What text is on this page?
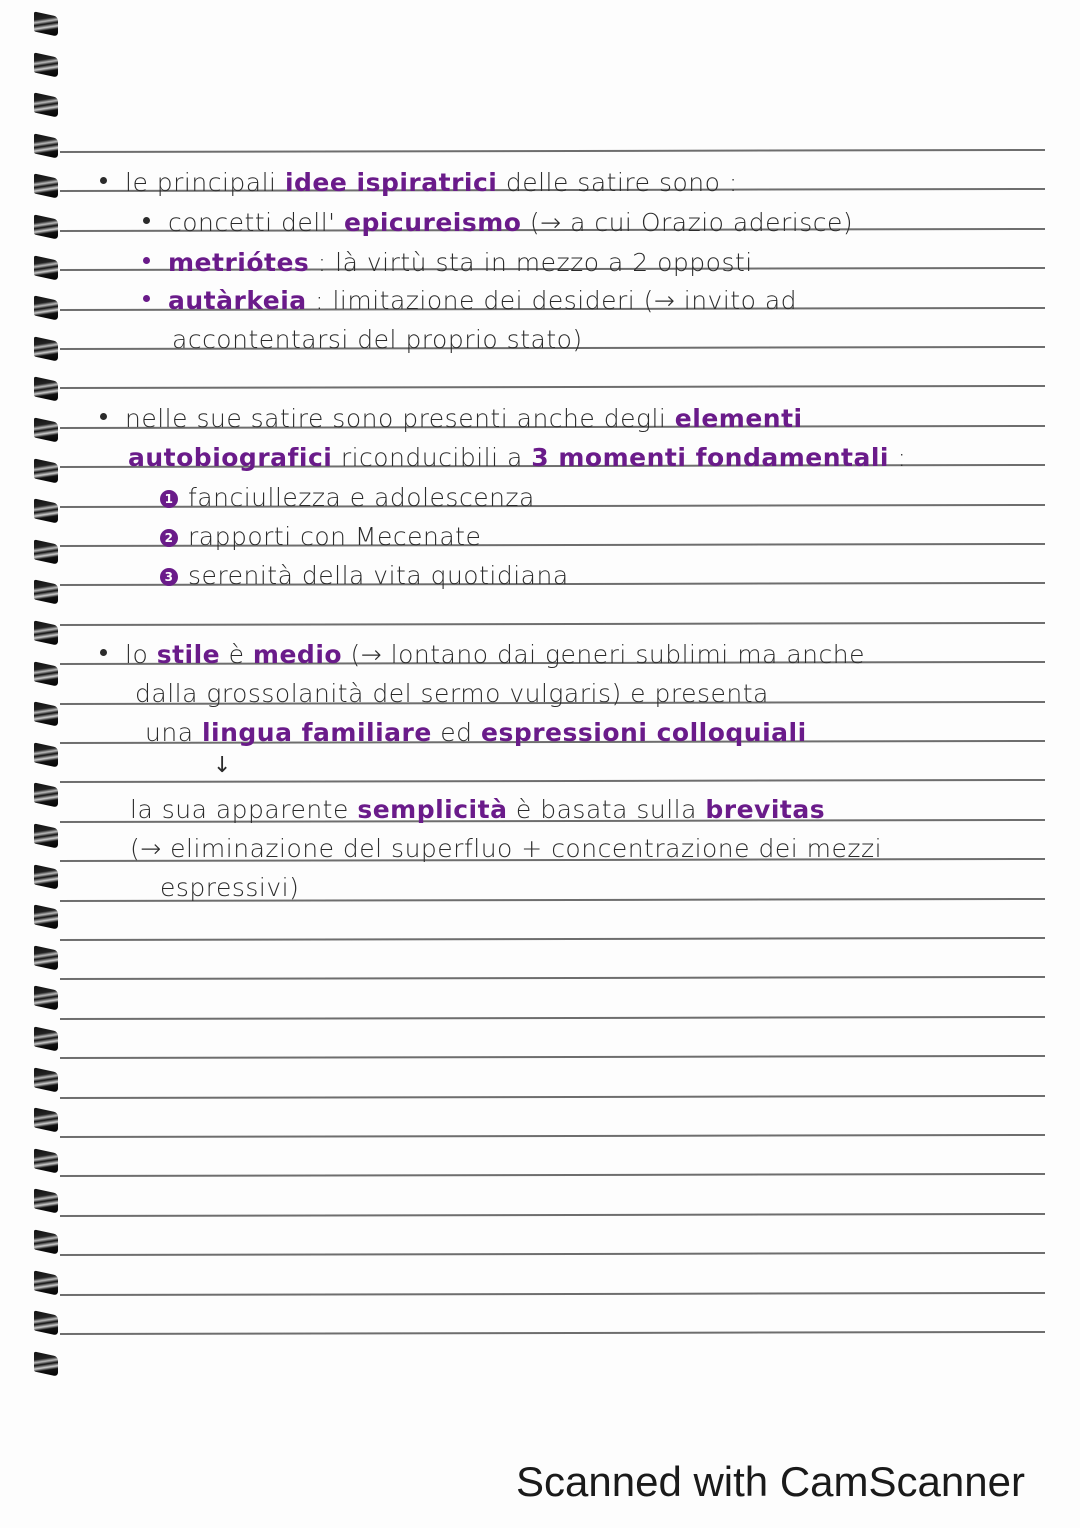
le principali idee ispiratrici delle satire sono :
concetti dell' epicureismo (→ a cui Orazio aderisce)
metriótes : là virtù sta in mezzo a 2 opposti
autàrkeia : limitazione dei desideri (→ invito ad
accontentarsi del proprio stato)
nelle sue satire sono presenti anche degli elementi
autobiografici riconducibili a 3 momenti fondamentali :
1 fanciullezza e adolescenza
2 rapporti con Mecenate
3 serenità della vita quotidiana
lo stile è medio (→ lontano dai generi sublimi ma anche
dalla grossolanità del sermo vulgaris) e presenta
una lingua familiare ed espressioni colloquiali
↓
la sua apparente semplicità è basata sulla brevitas
(→ eliminazione del superfluo + concentrazione dei mezzi
espressivi)
Scanned with CamScanner
